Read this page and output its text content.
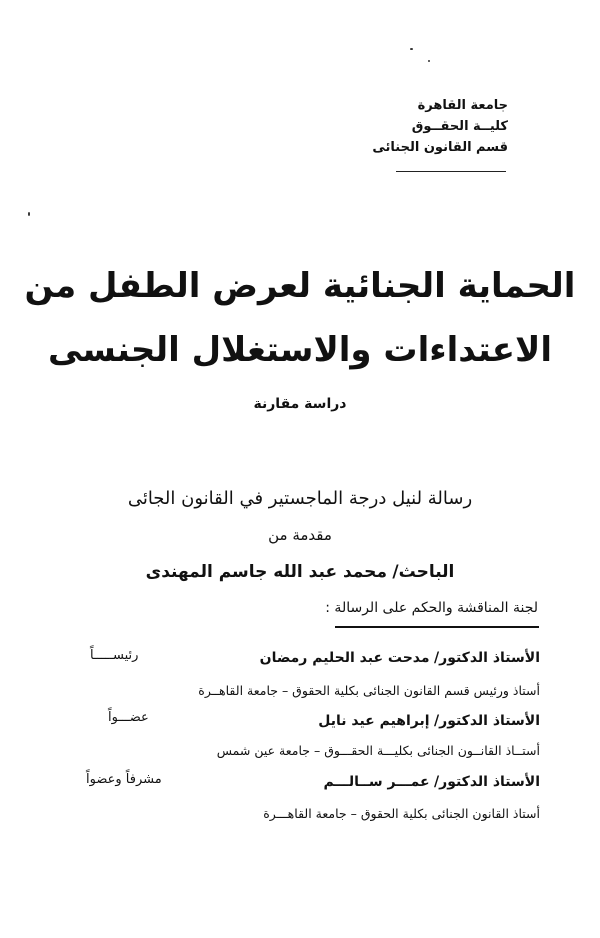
جامعة القاهرة
كليــة الحقــوق
قسم القانون الجنائى
الحماية الجنائية لعرض الطفل من
الاعتداءات والاستغلال الجنسى
دراسة مقارنة
رسالة لنيل درجة الماجستير في القانون الجائى
مقدمة من
الباحث/ محمد عبد الله جاسم المهندى
لجنة المناقشة والحكم على الرسالة :
الأستاذ الدكتور/ مدحت عبد الحليم رمضان
رئيســـــاً
أستاذ ورئيس قسم القانون الجنائى بكلية الحقوق – جامعة القاهــرة
الأستاذ الدكتور/ إبراهيم عيد نايل
عضـــواً
أستــاذ القانــون الجنائى بكليـــة الحقـــوق – جامعة عين شمس
الأستاذ الدكتور/ عمـــر ســالـــم
مشرفاً وعضواً
أستاذ القانون الجنائى بكلية الحقوق – جامعة القاهـــرة
